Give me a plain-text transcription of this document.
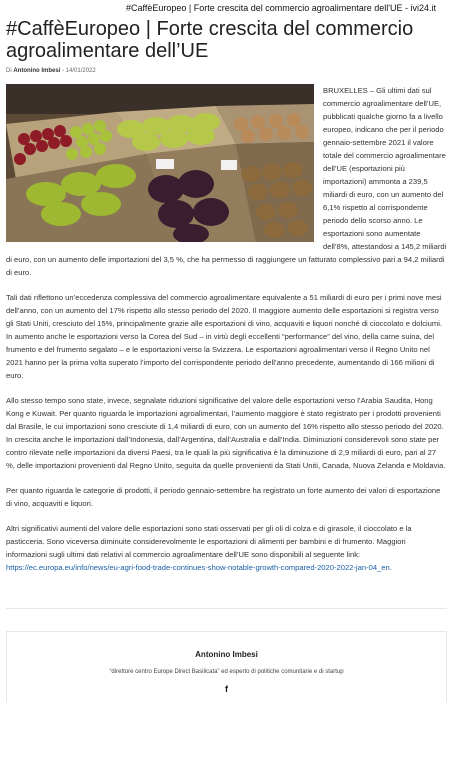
#CaffèEuropeo | Forte crescita del commercio agroalimentare dell'UE - ivi24.it
#CaffèEuropeo | Forte crescita del commercio agroalimentare dell’UE
Di Antonino Imbesi - 14/01/2022

BRUXELLES – Gli ultimi dati sul commercio agroalimentare dell’UE, pubblicati qualche giorno fa a livello europeo, indicano che per il periodo gennaio-settembre 2021 il valore totale del commercio agroalimentare dell’UE (esportazioni più importazioni) ammonta a 239,5 miliardi di euro, con un aumento del 6,1% rispetto al corrispondente periodo dello scorso anno. Le esportazioni sono aumentate dell’8%, attestandosi a 145,2 miliardi di euro, con un aumento delle importazioni del 3,5 %, che ha permesso di raggiungere un fatturato complessivo pari a 94,2 miliardi di euro.

Tali dati riflettono un’eccedenza complessiva del commercio agroalimentare equivalente a 51 miliardi di euro per i primi nove mesi dell’anno, con un aumento del 17% rispetto allo stesso periodo del 2020. Il maggiore aumento delle esportazioni si registra verso gli Stati Uniti, cresciuto del 15%, principalmente grazie alle esportazioni di vino, acquaviti e liquori nonché di cioccolato e dolciumi. In aumento anche le esportazioni verso la Corea del Sud – in virtù degli eccellenti “performance” del vino, della carne suina, del frumento e del frumento segalato – e le esportazioni verso la Svizzera. Le esportazioni agroalimentari verso il Regno Unito nel 2021 hanno per la prima volta superato l’importo del corrispondente periodo dell’anno precedente, aumentando di 166 milioni di euro.

Allo stesso tempo sono state, invece, segnalate riduzioni significative del valore delle esportazioni verso l’Arabia Saudita, Hong Kong e Kuwait. Per quanto riguarda le importazioni agroalimentari, l’aumento maggiore è stato registrato per i prodotti provenienti dal Brasile, le cui importazioni sono cresciute di 1,4 miliardi di euro, con un aumento del 16% rispetto allo stesso periodo del 2020. In crescita anche le importazioni dall’Indonesia, dall’Argentina, dall’Australia e dall’India. Diminuzioni considerevoli sono state per contro rilevate nelle importazioni da diversi Paesi, tra le quali la più significativa è la diminuzione di 2,9 miliardi di euro, pari al 27 %, delle importazioni provenienti dal Regno Unito, seguita da quelle provenienti da Stati Uniti, Canada, Nuova Zelanda e Moldavia.

Per quanto riguarda le categorie di prodotti, il periodo gennaio-settembre ha registrato un forte aumento dei valori di esportazione di vino, acquaviti e liquori.

Altri significativi aumenti del valore delle esportazioni sono stati osservati per gli oli di colza e di girasole, il cioccolato e la pasticceria. Sono viceversa diminuite considerevolmente le esportazioni di alimenti per bambini e di frumento. Maggiori informazioni sugli ultimi dati relativi al commercio agroalimentare dell’UE sono disponibili al seguente link: https://ec.europa.eu/info/news/eu-agri-food-trade-continues-show-notable-growth-compared-2020-2022-jan-04_en.

Antonino Imbesi
“direttore centro Europe Direct Basilicata” ed esperto di politiche comunitarie e di startup
f
